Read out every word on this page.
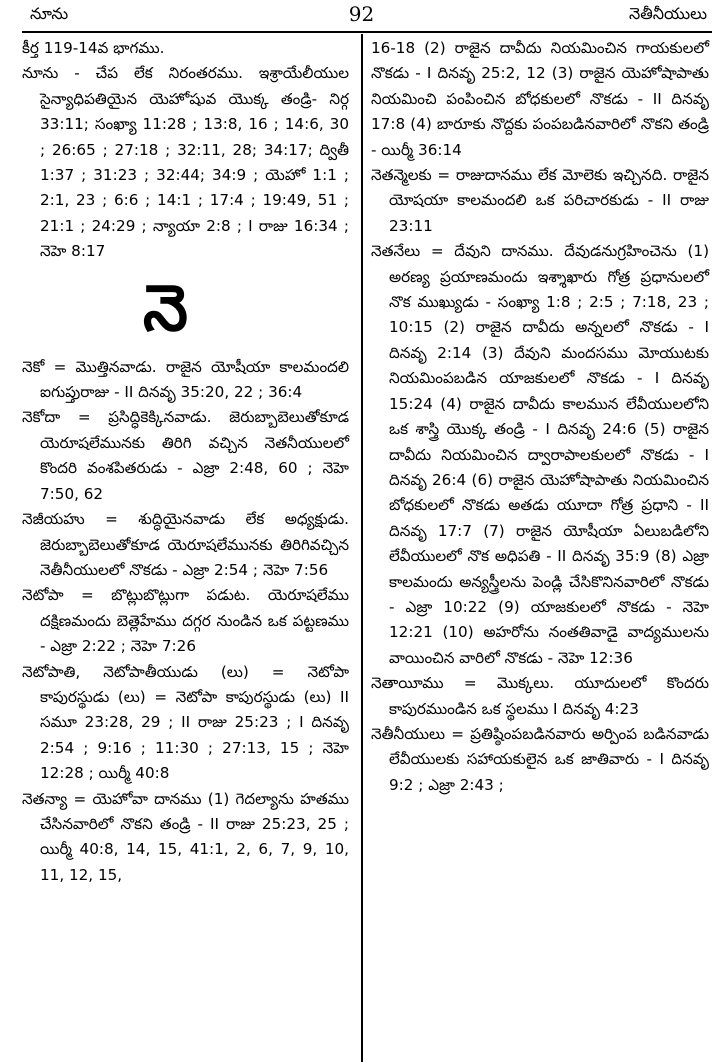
నూను	92	నెతీనీయులు

కీర్త 119-14వ భాగము.

నూను - చేప లేక నిరంతరము. ఇశ్రాయేలీయుల సైన్యాధిపతియైన యెహోషువ యొక్క తండ్రి- నిర్గ 33:11; సంఖ్యా 11:28 ; 13:8, 16 ; 14:6, 30 ; 26:65 ; 27:18 ; 32:11, 28; 34:17; ద్వితీ 1:37 ; 31:23 ; 32:44; 34:9 ; యెహో 1:1 ; 2:1, 23 ; 6:6 ; 14:1 ; 17:4 ; 19:49, 51 ; 21:1 ; 24:29 ; న్యాయా 2:8 ; I రాజు 16:34 ; నెహె 8:17

నె

నెకో = మొత్తినవాడు. రాజైన యోషీయా కాలమందలి ఐగుప్తురాజు - II దినవృ 35:20, 22 ; 36:4

నెకోదా = ప్రసిద్ధికెక్కినవాడు. జెరుబ్బాబెలుతోకూడ యెరూషలేమునకు తిరిగి వచ్చిన నెతనీయులలో కొందరి వంశపితరుడు - ఎజ్రా 2:48, 60 ; నెహె 7:50, 62

నెజీయహు = శుద్ధియైనవాడు లేక అధ్యక్షుడు. జెరుబ్బాబెలుతోకూడ యెరూషలేమునకు తిరిగివచ్చిన నెతీనీయులలో నొకడు - ఎజ్రా 2:54 ; నెహె 7:56

నెటోపా = బొట్లుబొట్లుగా పడుట. యెరూషలేము దక్షిణమందు బెత్లెహేము దగ్గర నుండిన ఒక పట్టణము - ఎజ్రా 2:22 ; నెహె 7:26

నెటోపాతి, నెటోపాతీయుడు (లు) = నెటోపా కాపురస్థుడు (లు) = నెటోపా కాపురస్థుడు (లు) II సమూ 23:28, 29 ; II రాజు 25:23 ; I దినవృ 2:54 ; 9:16 ; 11:30 ; 27:13, 15 ; నెహె 12:28 ; యిర్మీ 40:8

నెతన్యా = యెహోవా దానము (1) గెదల్యాను హతము చేసినవారిలో నొకని తండ్రి - II రాజు 25:23, 25 ; యిర్మీ 40:8, 14, 15, 41:1, 2, 6, 7, 9, 10, 11, 12, 15,

16-18 (2) రాజైన దావీదు నియమించిన గాయకులలో నొకడు - I దినవృ 25:2, 12 (3) రాజైన యెహోషాపాతు నియమించి పంపించిన బోధకులలో నొకడు - II దినవృ 17:8 (4) బారూకు నొద్దకు పంపబడినవారిలో నొకని తండ్రి - యిర్మీ 36:14

నెతన్మెలకు = రాజుదానము లేక మోలెకు ఇచ్చినది. రాజైన యోషయా కాలమందలి ఒక పరిచారకుడు - II రాజు 23:11

నెతనేలు = దేవుని దానము. దేవుడనుగ్రహించెను (1) అరణ్య ప్రయాణమందు ఇశ్శాఖారు గోత్ర ప్రధానులలో నొక ముఖ్యుడు - సంఖ్యా 1:8 ; 2:5 ; 7:18, 23 ; 10:15 (2) రాజైన దావీదు అన్నలలో నొకడు - I దినవృ 2:14 (3) దేవుని మందసము మోయుటకు నియమింపబడిన యాజకులలో నొకడు - I దినవృ 15:24 (4) రాజైన దావీదు కాలమున లేవీయులలోని ఒక శాస్త్రి యొక్క తండ్రి - I దినవృ 24:6 (5) రాజైన దావీదు నియమించిన ద్వారాపాలకులలో నొకడు - I దినవృ 26:4 (6) రాజైన యెహోషాపాతు నియమించిన బోధకులలో నొకడు అతడు యూదా గోత్ర ప్రధాని - II దినవృ 17:7 (7) రాజైన యోషీయా ఏలుబడిలోని లేవీయులలో నొక అధిపతి - II దినవృ 35:9 (8) ఎజ్రా కాలమందు అన్యస్త్రీలను పెండ్లి చేసికొనినవారిలో నొకడు - ఎజ్రా 10:22 (9) యాజకులలో నొకడు - నెహె 12:21 (10) అహరోను నంతతివాడై వాద్యములను వాయించిన వారిలో నొకడు - నెహె 12:36

నెతాయీము = మొక్కలు. యూదులలో కొందరు కాపురముండిన ఒక స్థలము I దినవృ 4:23

నెతీనీయులు = ప్రతిష్ఠింపబడినవారు అర్పింప బడినవాడు లేవీయులకు సహాయకులైన ఒక జాతివారు - I దినవృ 9:2 ; ఎజ్రా 2:43 ;
